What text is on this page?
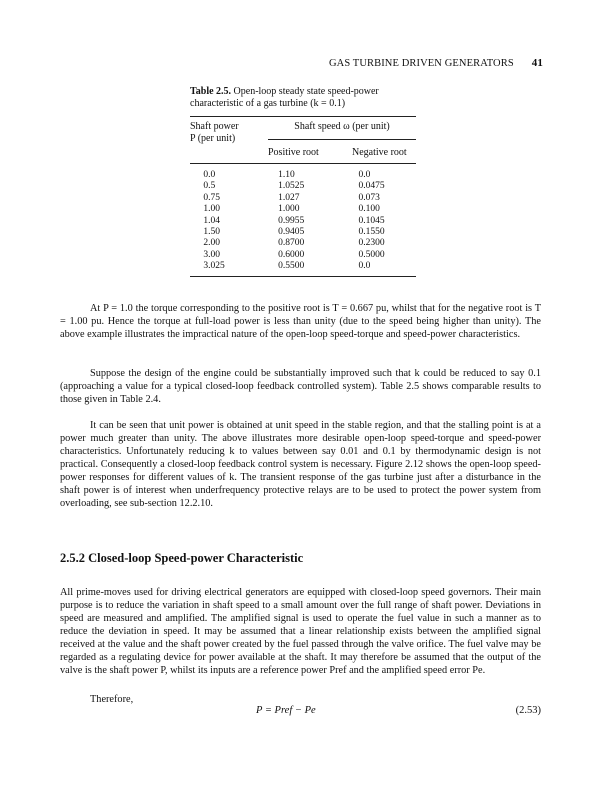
GAS TURBINE DRIVEN GENERATORS 41
Table 2.5. Open-loop steady state speed-power
characteristic of a gas turbine (k = 0.1)
Shaft power
P (per unit)
Shaft speed ω (per unit)
Positive root	Negative root
0.0	1.10	0.0
0.5	1.0525	0.0475
0.75	1.027	0.073
1.00	1.000	0.100
1.04	0.9955	0.1045
1.50	0.9405	0.1550
2.00	0.8700	0.2300
3.00	0.6000	0.5000
3.025	0.5500	0.0

At P = 1.0 the torque corresponding to the positive root is T = 0.667 pu, whilst that for the negative root is T = 1.00 pu. Hence the torque at full-load power is less than unity (due to the speed being higher than unity). The above example illustrates the impractical nature of the open-loop speed-torque and speed-power characteristics.

Suppose the design of the engine could be substantially improved such that k could be reduced to say 0.1 (approaching a value for a typical closed-loop feedback controlled system). Table 2.5 shows comparable results to those given in Table 2.4.

It can be seen that unit power is obtained at unit speed in the stable region, and that the stalling point is at a power much greater than unity. The above illustrates more desirable open-loop speed-torque and speed-power characteristics. Unfortunately reducing k to values between say 0.01 and 0.1 by thermodynamic design is not practical. Consequently a closed-loop feedback control system is necessary. Figure 2.12 shows the open-loop speed-power responses for different values of k. The transient response of the gas turbine just after a disturbance in the shaft power is of interest when underfrequency protective relays are to be used to protect the power system from overloading, see sub-section 12.2.10.

2.5.2 Closed-loop Speed-power Characteristic

All prime-moves used for driving electrical generators are equipped with closed-loop speed governors. Their main purpose is to reduce the variation in shaft speed to a small amount over the full range of shaft power. Deviations in speed are measured and amplified. The amplified signal is used to operate the fuel value in such a manner as to reduce the deviation in speed. It may be assumed that a linear relationship exists between the amplified signal received at the value and the shaft power created by the fuel passed through the valve orifice. The fuel valve may be regarded as a regulating device for power available at the shaft. It may therefore be assumed that the output of the valve is the shaft power P, whilst its inputs are a reference power Pref and the amplified speed error Pe.

Therefore,

P = Pref − Pe	(2.53)
